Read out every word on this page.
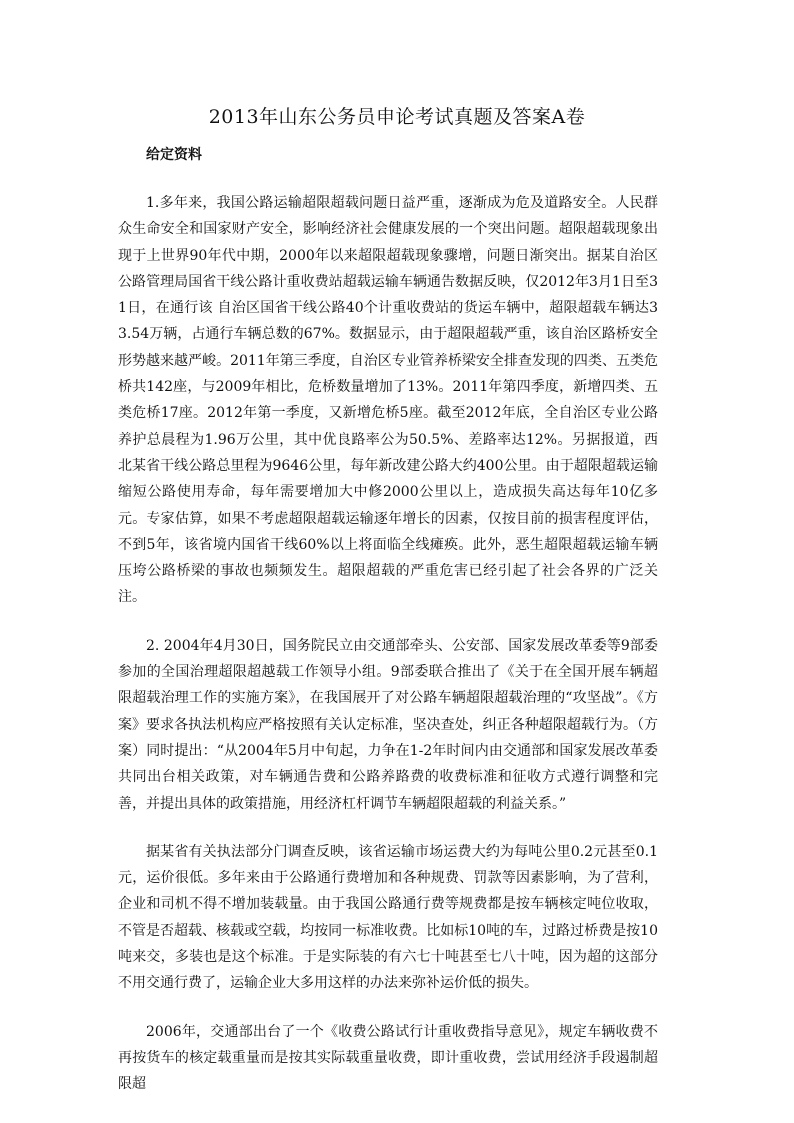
2013年山东公务员申论考试真题及答案A卷
给定资料

1.多年来，我国公路运输超限超载问题日益严重，逐渐成为危及道路安全。人民群众生命安全和国家财产安全，影响经济社会健康发展的一个突出问题。超限超载现象出现于上世界90年代中期，2000年以来超限超载现象骤增，问题日渐突出。据某自治区公路管理局国省干线公路计重收费站超载运输车辆通告数据反映，仅2012年3月1日至31日，在通行该 自治区国省干线公路40个计重收费站的货运车辆中，超限超载车辆达33.54万辆，占通行车辆总数的67%。数据显示，由于超限超载严重，该自治区路桥安全形势越来越严峻。2011年第三季度，自治区专业管养桥梁安全排查发现的四类、五类危桥共142座，与2009年相比，危桥数量增加了13%。2011年第四季度，新增四类、五类危桥17座。2012年第一季度，又新增危桥5座。截至2012年底，全自治区专业公路养护总晨程为1.96万公里，其中优良路率公为50.5%、差路率达12%。另据报道，西北某省干线公路总里程为9646公里，每年新改建公路大约400公里。由于超限超载运输缩短公路使用寿命，每年需要增加大中修2000公里以上，造成损失高达每年10亿多元。专家估算，如果不考虑超限超载运输逐年增长的因素，仅按目前的损害程度评估，不到5年，该省境内国省干线60%以上将面临全线瘫痪。此外，恶生超限超载运输车辆压垮公路桥梁的事故也频频发生。超限超载的严重危害已经引起了社会各界的广泛关注。

2. 2004年4月30日，国务院民立由交通部牵头、公安部、国家发展改革委等9部委参加的全国治理超限超越载工作领导小组。9部委联合推出了《关于在全国开展车辆超限超载治理工作的实施方案》，在我国展开了对公路车辆超限超载治理的“攻坚战”。《方案》要求各执法机构应严格按照有关认定标准，坚决查处，纠正各种超限超载行为。（方案）同时提出：“从2004年5月中旬起，力争在1-2年时间内由交通部和国家发展改革委共同出台相关政策，对车辆通告费和公路养路费的收费标准和征收方式遵行调整和完善，并提出具体的政策措施，用经济杠杆调节车辆超限超载的利益关系。”

据某省有关执法部分门调查反映，该省运输市场运费大约为每吨公里0.2元甚至0.1元，运价很低。多年来由于公路通行费增加和各种规费、罚款等因素影响，为了营利，企业和司机不得不增加装载量。由于我国公路通行费等规费都是按车辆核定吨位收取，不管是否超载、核载或空载，均按同一标准收费。比如标10吨的车，过路过桥费是按10吨来交，多装也是这个标准。于是实际装的有六七十吨甚至七八十吨，因为超的这部分不用交通行费了，运输企业大多用这样的办法来弥补运价低的损失。

2006年，交通部出台了一个《收费公路试行计重收费指导意见》，规定车辆收费不再按货车的核定载重量而是按其实际载重量收费，即计重收费，尝试用经济手段遏制超限超
